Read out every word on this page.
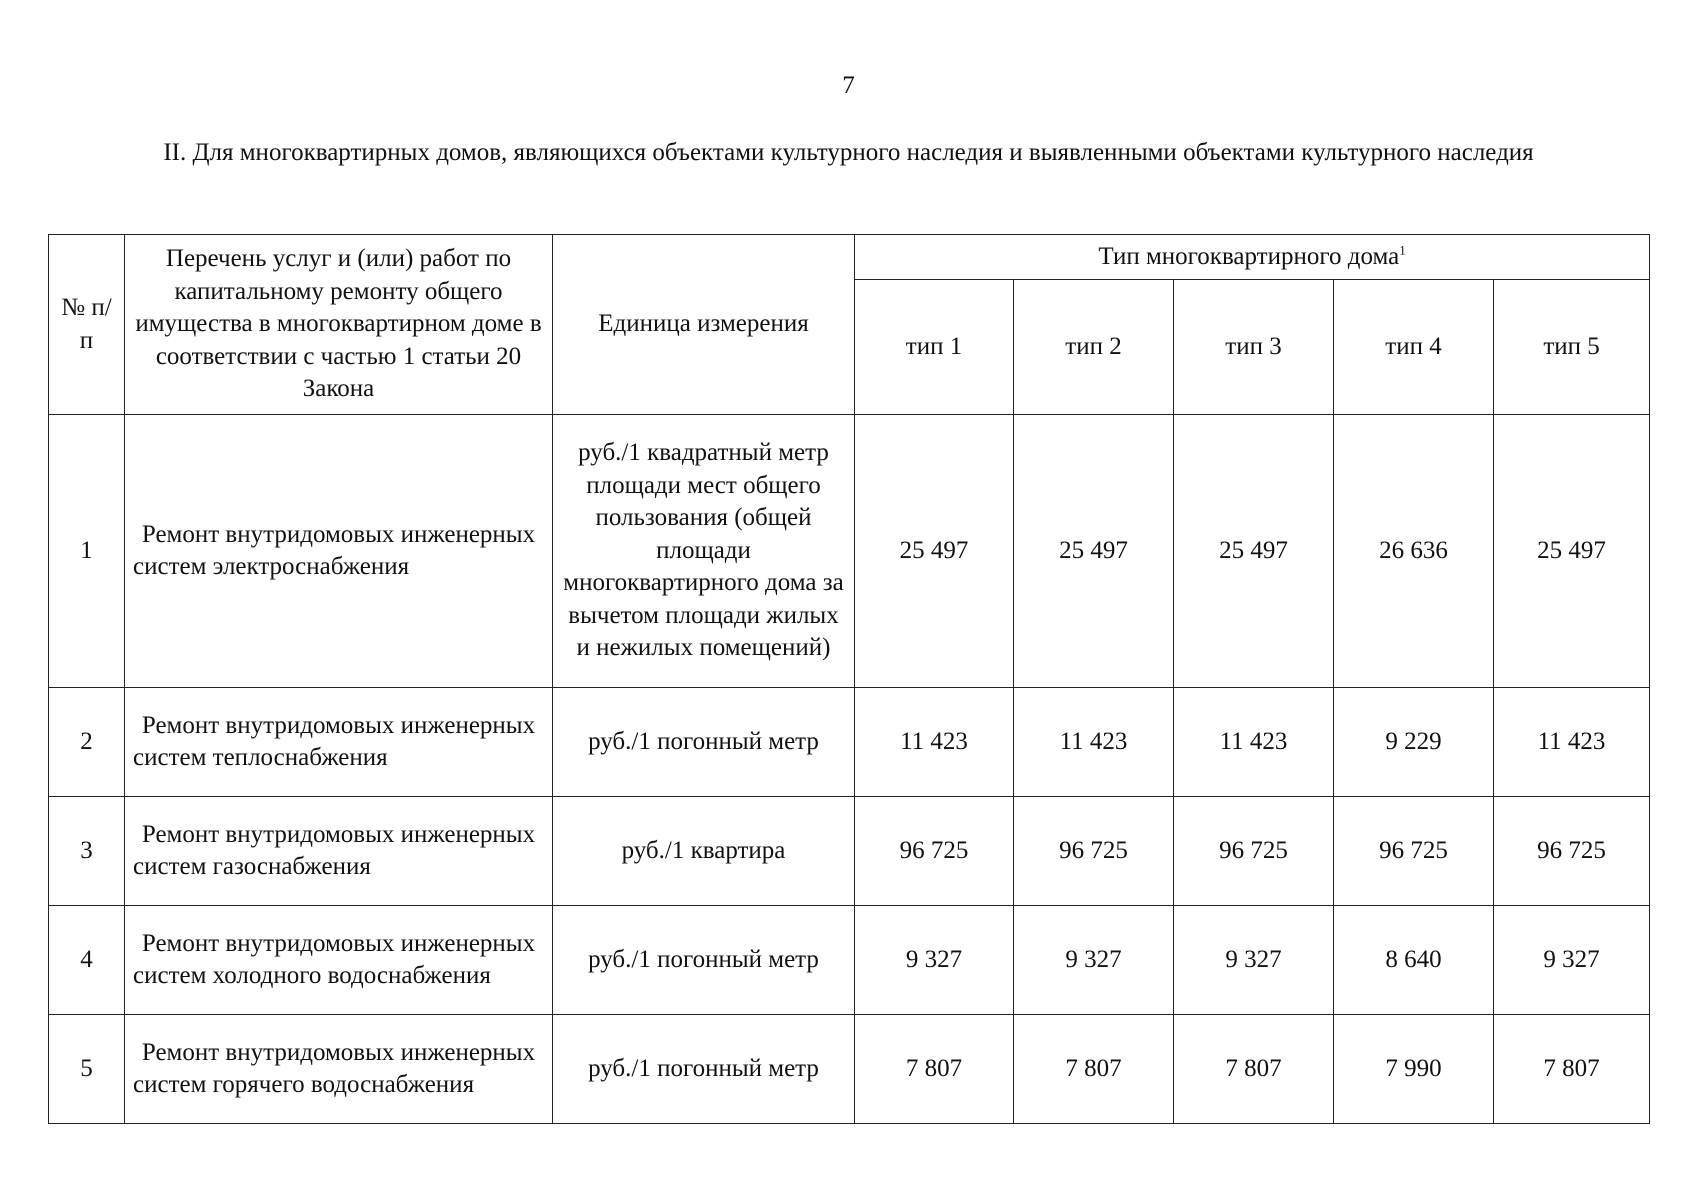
7
II. Для многоквартирных домов, являющихся объектами культурного наследия и выявленными объектами культурного наследия
№ п/п	Перечень услуг и (или) работ по капитальному ремонту общего имущества в многоквартирном доме в соответствии с частью 1 статьи 20 Закона	Единица измерения	Тип многоквартирного дома$^1$
			тип 1	тип 2	тип 3	тип 4	тип 5
1	Ремонт внутридомовых инженерных систем электроснабжения	руб./1 квадратный метр площади мест общего пользования (общей площади многоквартирного дома за вычетом площади жилых и нежилых помещений)	25 497	25 497	25 497	26 636	25 497
2	Ремонт внутридомовых инженерных систем теплоснабжения	руб./1 погонный метр	11 423	11 423	11 423	9 229	11 423
3	Ремонт внутридомовых инженерных систем газоснабжения	руб./1 квартира	96 725	96 725	96 725	96 725	96 725
4	Ремонт внутридомовых инженерных систем холодного водоснабжения	руб./1 погонный метр	9 327	9 327	9 327	8 640	9 327
5	Ремонт внутридомовых инженерных систем горячего водоснабжения	руб./1 погонный метр	7 807	7 807	7 807	7 990	7 807
